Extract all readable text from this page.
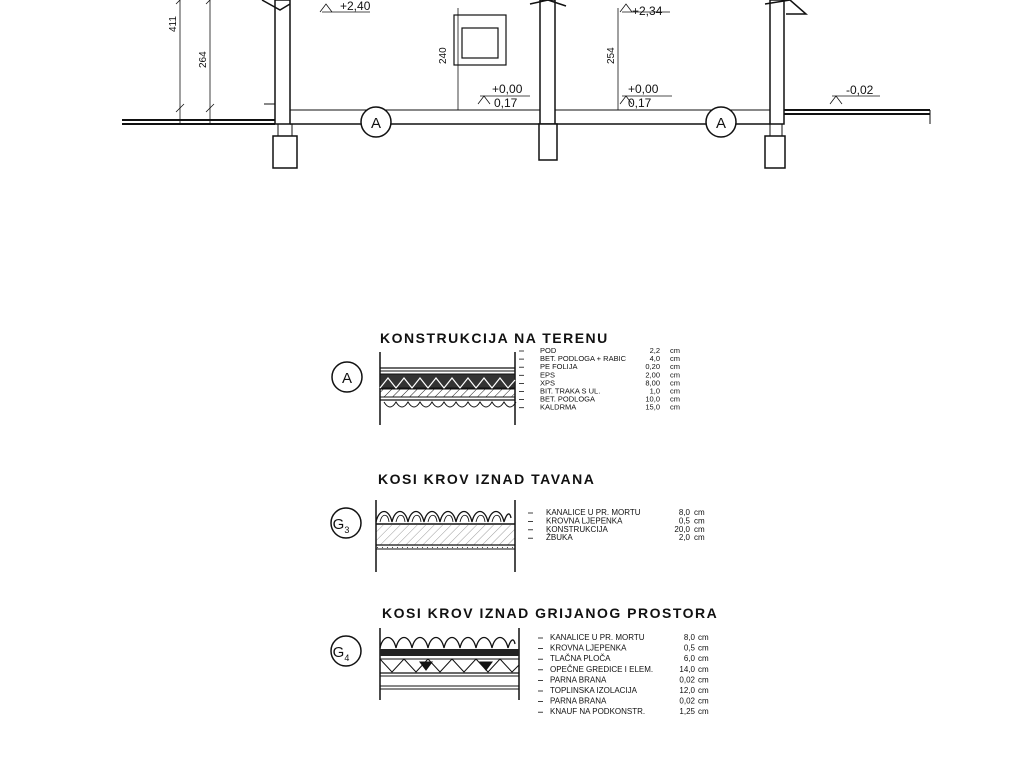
+2,40	+2,34
+0,00
0,17
+0,00
0,17
-0,02
411
264	240	254
A	A
KONSTRUKCIJA NA TERENU
A
KOSI KROV IZNAD TAVANA
$G_3$
KOSI KROV IZNAD GRIJANOG PROSTORA
$G_4$
POD	2,2 cm
BET. PODLOGA + RABIC	4,0 cm
PE FOLIJA	0,20 cm
EPS	2,00 cm
XPS	8,00 cm
BIT. TRAKA S UL.	1,0 cm
BET. PODLOGA	10,0 cm
KALDRMA	15,0 cm
KANALICE U PR. MORTU	8,0 cm
KROVNA LJEPENKA	0,5 cm
KONSTRUKCIJA	20,0 cm
ŽBUKA	2,0 cm
KANALICE U PR. MORTU	8,0 cm
KROVNA LJEPENKA	0,5 cm
TLAČNA PLOČA	6,0 cm
OPEČNE GREDICE I ELEM.	14,0 cm
PARNA BRANA	0,02 cm
TOPLINSKA IZOLACIJA	12,0 cm
PARNA BRANA	0,02 cm
KNAUF NA PODKONSTR.	1,25 cm
